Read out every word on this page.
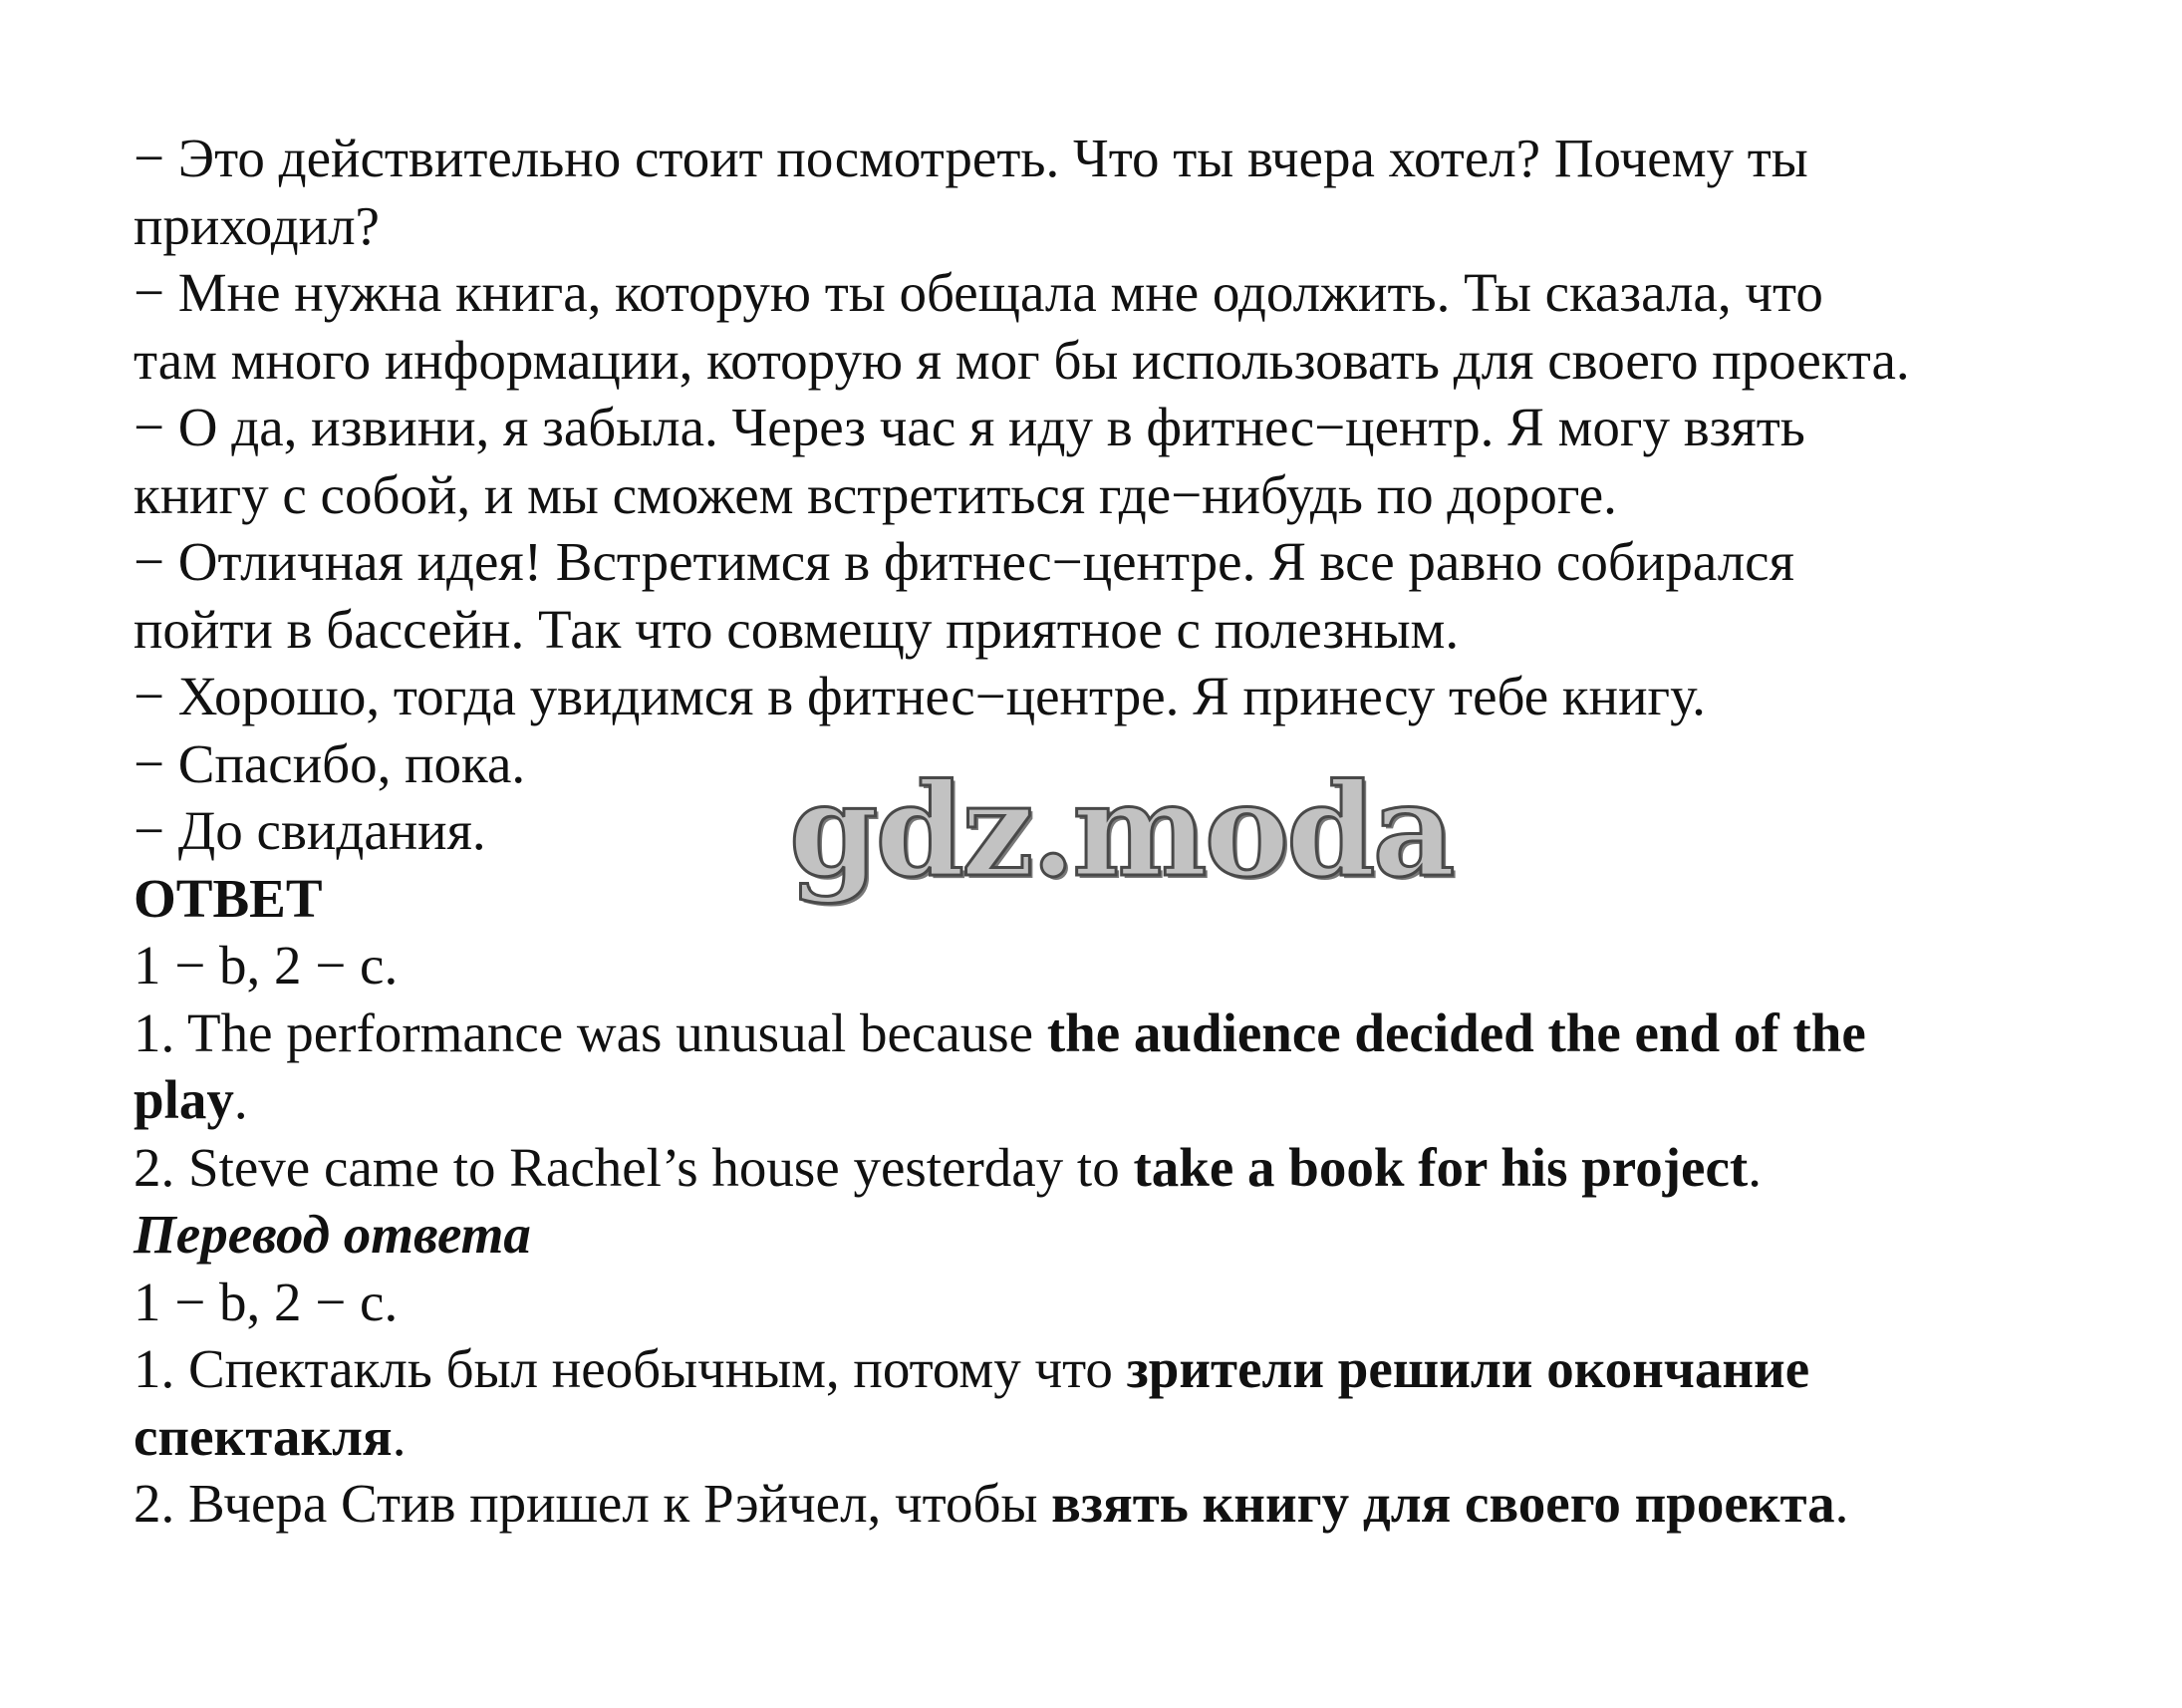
− Это действительно стоит посмотреть. Что ты вчера хотел? Почему ты
приходил?
− Мне нужна книга, которую ты обещала мне одолжить. Ты сказала, что
там много информации, которую я мог бы использовать для своего проекта.
− О да, извини, я забыла. Через час я иду в фитнес−центр. Я могу взять
книгу с собой, и мы сможем встретиться где−нибудь по дороге.
− Отличная идея! Встретимся в фитнес−центре. Я все равно собирался
пойти в бассейн. Так что совмещу приятное с полезным.
− Хорошо, тогда увидимся в фитнес−центре. Я принесу тебе книгу.
− Спасибо, пока.
− До свидания.
ОТВЕТ
1 − b, 2 − c.
1. The performance was unusual because the audience decided the end of the
play.
2. Steve came to Rachel’s house yesterday to take a book for his project.
Перевод ответа
1 − b, 2 − c.
1. Спектакль был необычным, потому что зрители решили окончание
спектакля.
2. Вчера Стив пришел к Рэйчел, чтобы взять книгу для своего проекта.
gdz.moda
